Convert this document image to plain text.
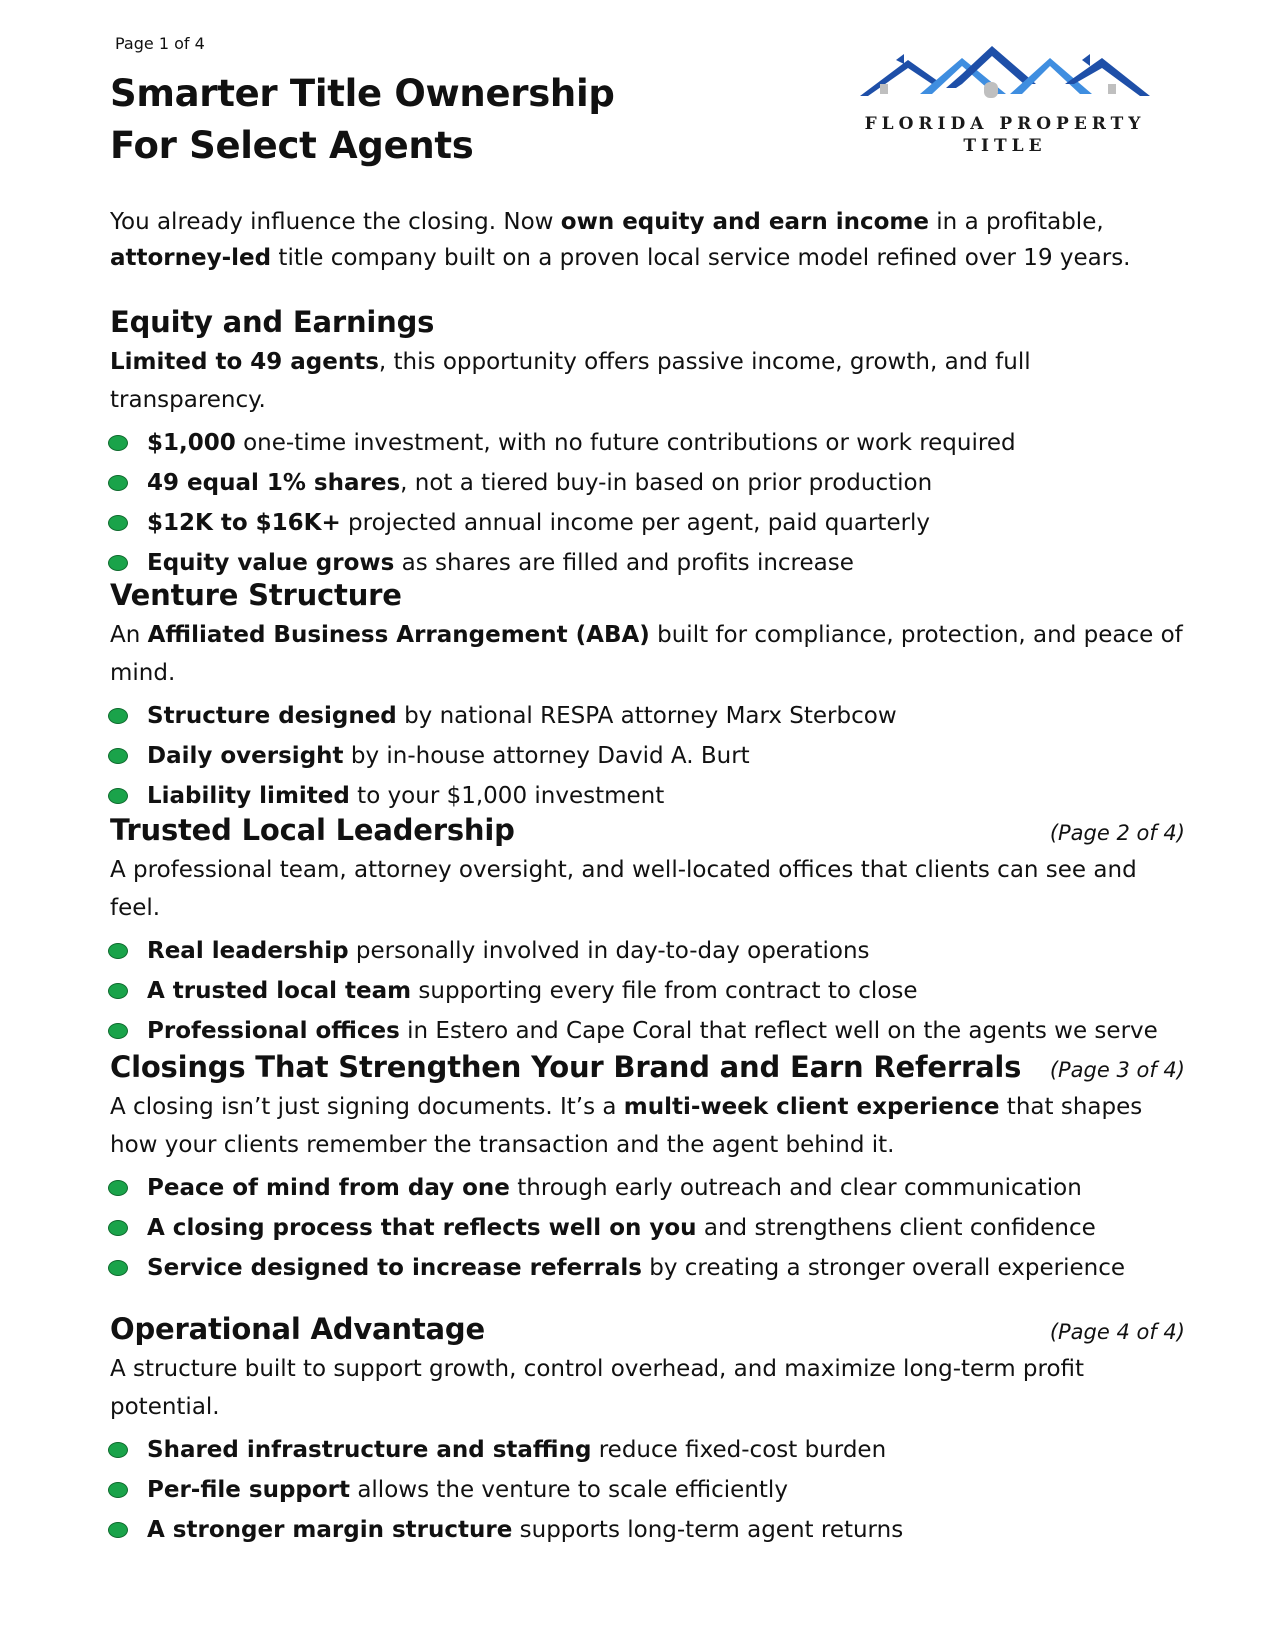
Page 1 of 4
Smarter Title Ownership
For Select Agents	FLORIDA PROPERTY
TITLE
You already influence the closing. Now own equity and earn income in a profitable, attorney-led title company built on a proven local service model refined over 19 years.
Equity and Earnings
Limited to 49 agents, this opportunity offers passive income, growth, and full transparency.
$1,000 one-time investment, with no future contributions or work required
49 equal 1% shares, not a tiered buy-in based on prior production
$12K to $16K+ projected annual income per agent, paid quarterly
Equity value grows as shares are filled and profits increase
Venture Structure
An Affiliated Business Arrangement (ABA) built for compliance, protection, and peace of mind.
Structure designed by national RESPA attorney Marx Sterbcow
Daily oversight by in-house attorney David A. Burt
Liability limited to your $1,000 investment
Trusted Local Leadership	(Page 2 of 4)
A professional team, attorney oversight, and well-located offices that clients can see and feel.
Real leadership personally involved in day-to-day operations
A trusted local team supporting every file from contract to close
Professional offices in Estero and Cape Coral that reflect well on the agents we serve
Closings That Strengthen Your Brand and Earn Referrals (Page 3 of 4)
A closing isn’t just signing documents. It’s a multi-week client experience that shapes how your clients remember the transaction and the agent behind it.
Peace of mind from day one through early outreach and clear communication
A closing process that reflects well on you and strengthens client confidence
Service designed to increase referrals by creating a stronger overall experience
Operational Advantage	(Page 4 of 4)
A structure built to support growth, control overhead, and maximize long-term profit potential.
Shared infrastructure and staffing reduce fixed-cost burden
Per-file support allows the venture to scale efficiently
A stronger margin structure supports long-term agent returns
